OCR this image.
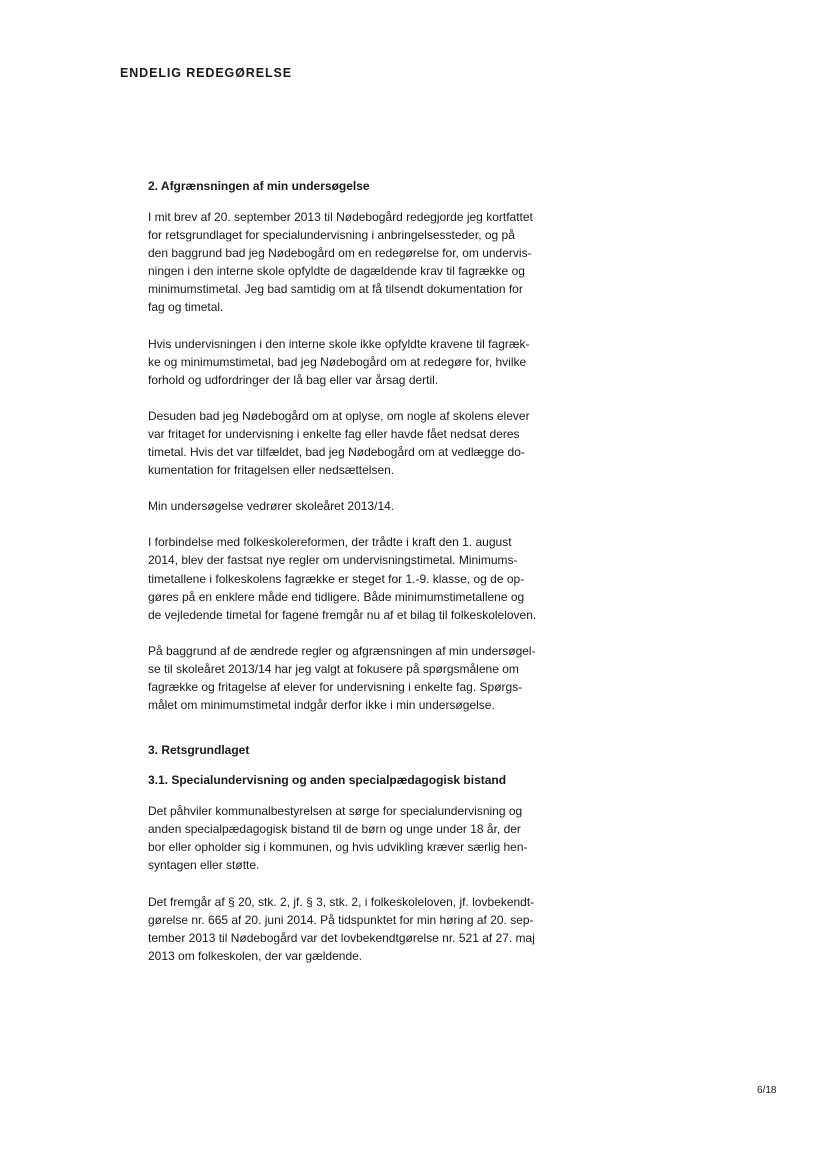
ENDELIG REDEGØRELSE
2. Afgrænsningen af min undersøgelse

I mit brev af 20. september 2013 til Nødebogård redegjorde jeg kortfattet
for retsgrundlaget for specialundervisning i anbringelsessteder, og på
den baggrund bad jeg Nødebogård om en redegørelse for, om undervis-
ningen i den interne skole opfyldte de dagældende krav til fagrække og
minimumstimetal. Jeg bad samtidig om at få tilsendt dokumentation for
fag og timetal.

Hvis undervisningen i den interne skole ikke opfyldte kravene til fagræk-
ke og minimumstimetal, bad jeg Nødebogård om at redegøre for, hvilke
forhold og udfordringer der lå bag eller var årsag dertil.

Desuden bad jeg Nødebogård om at oplyse, om nogle af skolens elever
var fritaget for undervisning i enkelte fag eller havde fået nedsat deres
timetal. Hvis det var tilfældet, bad jeg Nødebogård om at vedlægge do-
kumentation for fritagelsen eller nedsættelsen.

Min undersøgelse vedrører skoleåret 2013/14.

I forbindelse med folkeskolereformen, der trådte i kraft den 1. august
2014, blev der fastsat nye regler om undervisningstimetal. Minimums-
timetallene i folkeskolens fagrække er steget for 1.-9. klasse, og de op-
gøres på en enklere måde end tidligere. Både minimumstimetallene og
de vejledende timetal for fagene fremgår nu af et bilag til folkeskoleloven.

På baggrund af de ændrede regler og afgrænsningen af min undersøgel-
se til skoleåret 2013/14 har jeg valgt at fokusere på spørgsmålene om
fagrække og fritagelse af elever for undervisning i enkelte fag. Spørgs-
målet om minimumstimetal indgår derfor ikke i min undersøgelse.

3. Retsgrundlaget
3.1. Specialundervisning og anden specialpædagogisk bistand

Det påhviler kommunalbestyrelsen at sørge for specialundervisning og
anden specialpædagogisk bistand til de børn og unge under 18 år, der
bor eller opholder sig i kommunen, og hvis udvikling kræver særlig hen-
syntagen eller støtte.

Det fremgår af § 20, stk. 2, jf. § 3, stk. 2, i folkeskoleloven, jf. lovbekendt-
gørelse nr. 665 af 20. juni 2014. På tidspunktet for min høring af 20. sep-
tember 2013 til Nødebogård var det lovbekendtgørelse nr. 521 af 27. maj
2013 om folkeskolen, der var gældende.

6/18
